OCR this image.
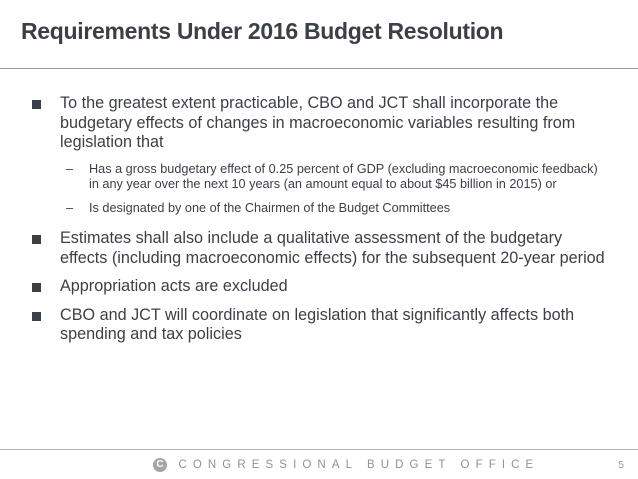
Requirements Under 2016 Budget Resolution
To the greatest extent practicable, CBO and JCT shall incorporate the budgetary effects of changes in macroeconomic variables resulting from legislation that
– Has a gross budgetary effect of 0.25 percent of GDP (excluding macroeconomic feedback) in any year over the next 10 years (an amount equal to about $45 billion in 2015) or
– Is designated by one of the Chairmen of the Budget Committees
Estimates shall also include a qualitative assessment of the budgetary effects (including macroeconomic effects) for the subsequent 20-year period
Appropriation acts are excluded
CBO and JCT will coordinate on legislation that significantly affects both spending and tax policies
C CONGRESSIONAL BUDGET OFFICE	5
